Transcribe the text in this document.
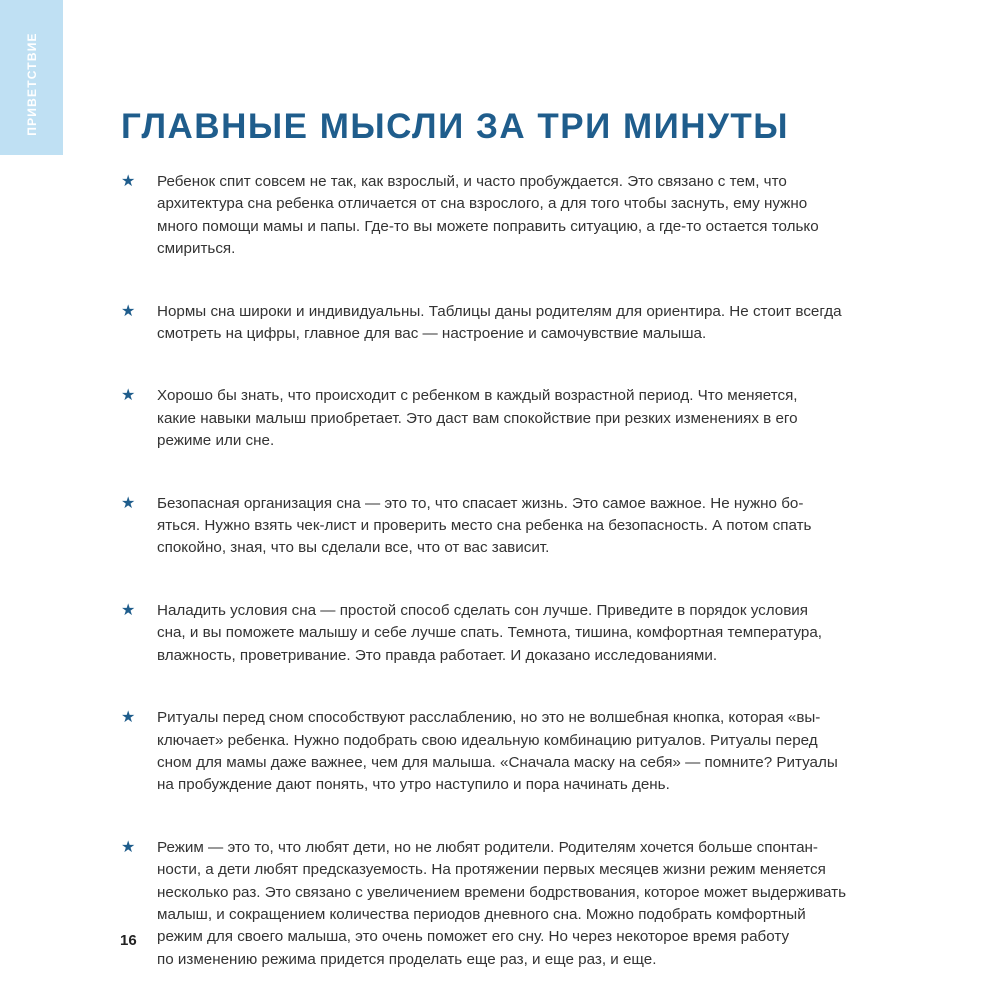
ПРИВЕТСТВИЕ ГЛАВНЫЕ МЫСЛИ ЗА ТРИ МИНУТЫ
★ Ребенок спит совсем не так, как взрослый, и часто пробуждается. Это связано с тем, что
архитектура сна ребенка отличается от сна взрослого, а для того чтобы заснуть, ему нужно
много помощи мамы и папы. Где-то вы можете поправить ситуацию, а где-то остается только
смириться.
★ Нормы сна широки и индивидуальны. Таблицы даны родителям для ориентира. Не стоит всегда
смотреть на цифры, главное для вас — настроение и самочувствие малыша.
★ Хорошо бы знать, что происходит с ребенком в каждый возрастной период. Что меняется,
какие навыки малыш приобретает. Это даст вам спокойствие при резких изменениях в его
режиме или сне.
★ Безопасная организация сна — это то, что спасает жизнь. Это самое важное. Не нужно бо-
яться. Нужно взять чек-лист и проверить место сна ребенка на безопасность. А потом спать
спокойно, зная, что вы сделали все, что от вас зависит.
★ Наладить условия сна — простой способ сделать сон лучше. Приведите в порядок условия
сна, и вы поможете малышу и себе лучше спать. Темнота, тишина, комфортная температура,
влажность, проветривание. Это правда работает. И доказано исследованиями.
★ Ритуалы перед сном способствуют расслаблению, но это не волшебная кнопка, которая «вы-
ключает» ребенка. Нужно подобрать свою идеальную комбинацию ритуалов. Ритуалы перед
сном для мамы даже важнее, чем для малыша. «Сначала маску на себя» — помните? Ритуалы
на пробуждение дают понять, что утро наступило и пора начинать день.
★ Режим — это то, что любят дети, но не любят родители. Родителям хочется больше спонтан-
ности, а дети любят предсказуемость. На протяжении первых месяцев жизни режим меняется
несколько раз. Это связано с увеличением времени бодрствования, которое может выдерживать
малыш, и сокращением количества периодов дневного сна. Можно подобрать комфортный
режим для своего малыша, это очень поможет его сну. Но через некоторое время работу
по изменению режима придется проделать еще раз, и еще раз, и еще.
16
